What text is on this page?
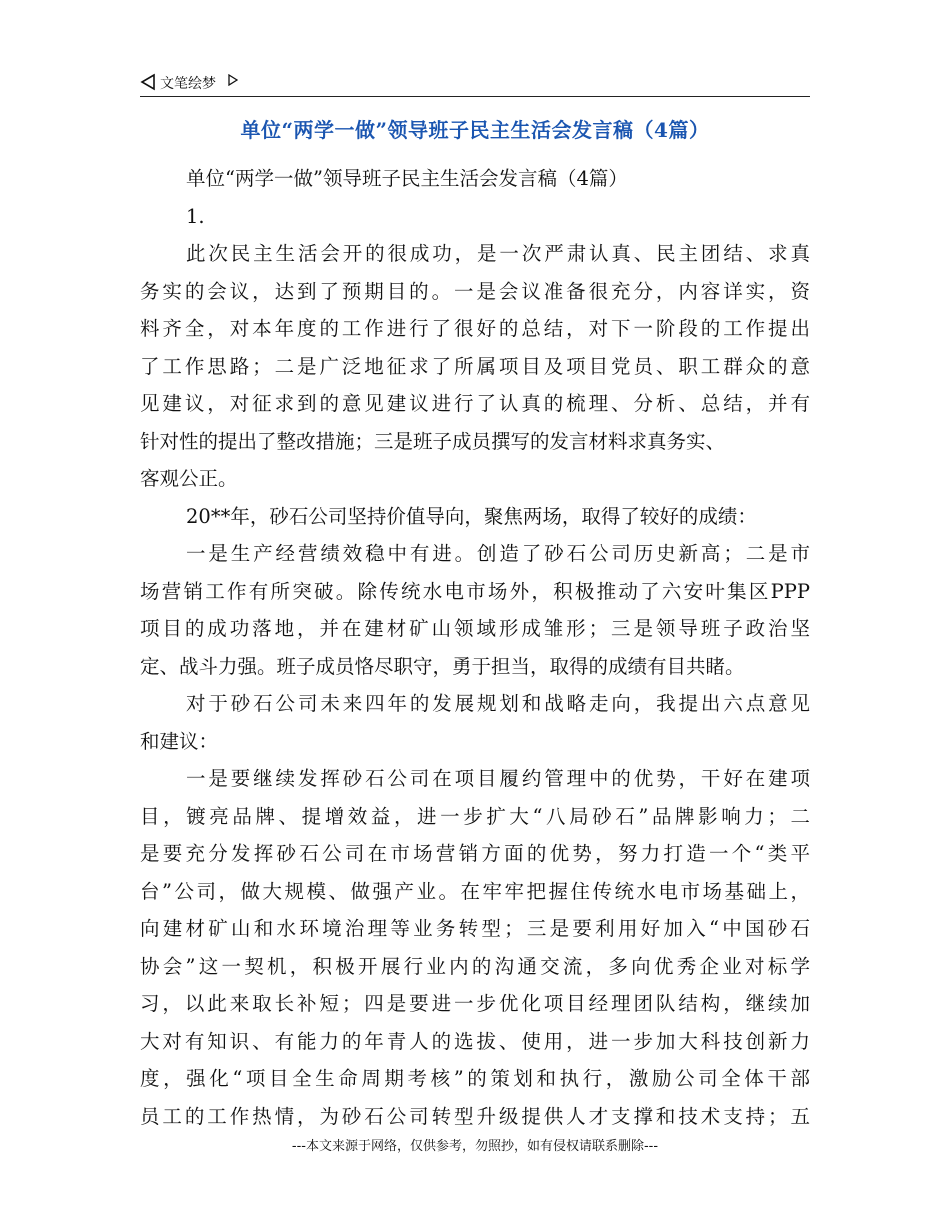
文笔绘梦
单位“两学一做”领导班子民主生活会发言稿（4篇）
单位“两学一做”领导班子民主生活会发言稿（4篇）
1.
此次民主生活会开的很成功，是一次严肃认真、民主团结、求真
务实的会议，达到了预期目的。一是会议准备很充分，内容详实，资
料齐全，对本年度的工作进行了很好的总结，对下一阶段的工作提出
了工作思路；二是广泛地征求了所属项目及项目党员、职工群众的意
见建议，对征求到的意见建议进行了认真的梳理、分析、总结，并有
针对性的提出了整改措施；三是班子成员撰写的发言材料求真务实、
客观公正。
20**年，砂石公司坚持价值导向，聚焦两场，取得了较好的成绩：
一是生产经营绩效稳中有进。创造了砂石公司历史新高；二是市
场营销工作有所突破。除传统水电市场外，积极推动了六安叶集区PPP
项目的成功落地，并在建材矿山领域形成雏形；三是领导班子政治坚
定、战斗力强。班子成员恪尽职守，勇于担当，取得的成绩有目共睹。
对于砂石公司未来四年的发展规划和战略走向，我提出六点意见
和建议：
一是要继续发挥砂石公司在项目履约管理中的优势，干好在建项
目，镀亮品牌、提增效益，进一步扩大“八局砂石”品牌影响力；二
是要充分发挥砂石公司在市场营销方面的优势，努力打造一个“类平
台”公司，做大规模、做强产业。在牢牢把握住传统水电市场基础上，
向建材矿山和水环境治理等业务转型；三是要利用好加入“中国砂石
协会”这一契机，积极开展行业内的沟通交流，多向优秀企业对标学
习，以此来取长补短；四是要进一步优化项目经理团队结构，继续加
大对有知识、有能力的年青人的选拔、使用，进一步加大科技创新力
度，强化“项目全生命周期考核”的策划和执行，激励公司全体干部
员工的工作热情，为砂石公司转型升级提供人才支撑和技术支持；五
---本文来源于网络，仅供参考，勿照抄，如有侵权请联系删除---
